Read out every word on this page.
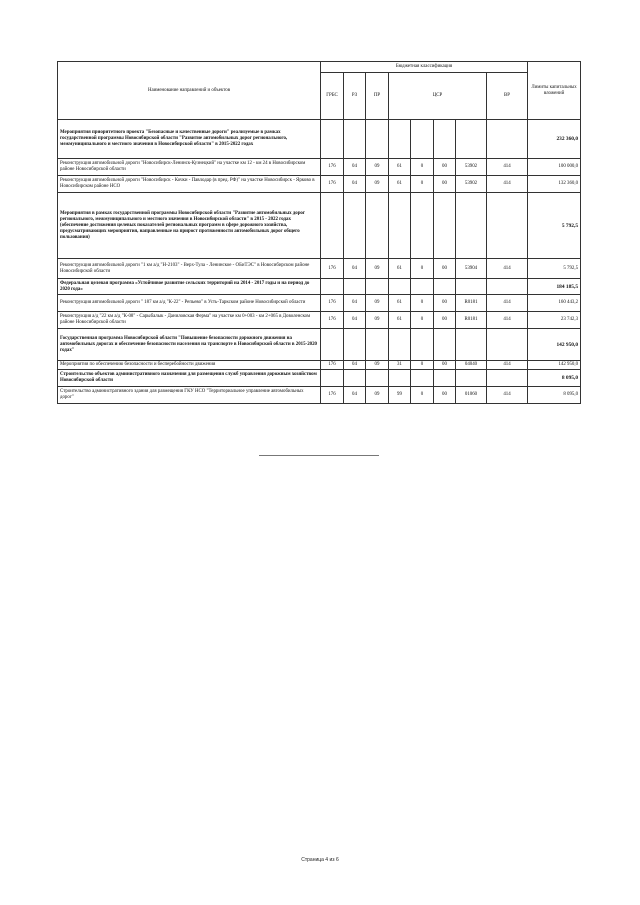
Наименование направлений и объектов	Бюджетная классификация								Лимиты капитальных вложений
	ГРБС	РЗ	ПР	ЦСР				ВР	
Мероприятия приоритетного проекта "Безопасные и качественные дороги" реализуемые в рамках государственной программы Новосибирской области "Развитие автомобильных дорог регионального, межмуниципального и местного значения в Новосибирской области" в 2015-2022 годах									232 360,0
Реконструкция автомобильной дороги "Новосибирск-Ленинск-Кузнецкий" на участке км 12 - км 24 в Новосибирском районе Новосибирской области	176	04	09	61	0	00	53902	414	100 000,0
Реконструкция автомобильной дороги "Новосибирск - Кочки - Павлодар (в пред. РФ)" на участке Новосибирск - Ярково в Новосибирском районе НСО	176	04	09	61	0	00	53902	414	132 360,0
Мероприятия в рамках государственной программы Новосибирской области "Развитие автомобильных дорог регионального, межмуниципального и местного значения в Новосибирской области" в 2015 - 2022 годах (обеспечение достижения целевых показателей региональных программ в сфере дорожного хозяйства, предусматривающих мероприятия, направленные на прирост протяженности автомобильных дорог общего пользования)									5 792,5
Реконструкция автомобильной дороги "1 км а/д "Н-2103" - Верх-Тула - Ленинское - ОБиТЭС" в Новосибирском районе Новосибирской области	176	04	09	61	0	00	53904	414	5 792,5
Федеральная целевая программа «Устойчивое развитие сельских территорий на 2014 - 2017 годы и на период до 2020 года»									184 185,5
Реконструкция автомобильной дороги " 187 км а/д "К-22" - Репьево" в Усть-Таркском районе Новосибирской области	176	04	09	61	0	00	R0181	414	160 443,2
Реконструкция а/д "22 км а/д "К-08" - Сарыбалык - Даниловская Ферма" на участке км 0+003 - км 2+065 в Доволенском районе Новосибирской области	176	04	09	61	0	00	R0181	414	23 742,3
Государственная программа Новосибирской области "Повышение безопасности дорожного движения на автомобильных дорогах и обеспечение безопасности населения на транспорте в Новосибирской области в 2015-2020 годах"									142 950,0
Мероприятия по обеспечению безопасности и бесперебойности движения	176	04	09	31	0	00	04040	414	142 950,0
Строительство объектов административного назначения для размещения служб управления дорожным хозяйством Новосибирской области									8 095,0
Строительство административного здания для размещения ГКУ НСО "Территориальное управление автомобильных дорог"	176	04	09	99	0	00	01060	414	8 095,0
Страница 4 из 6
